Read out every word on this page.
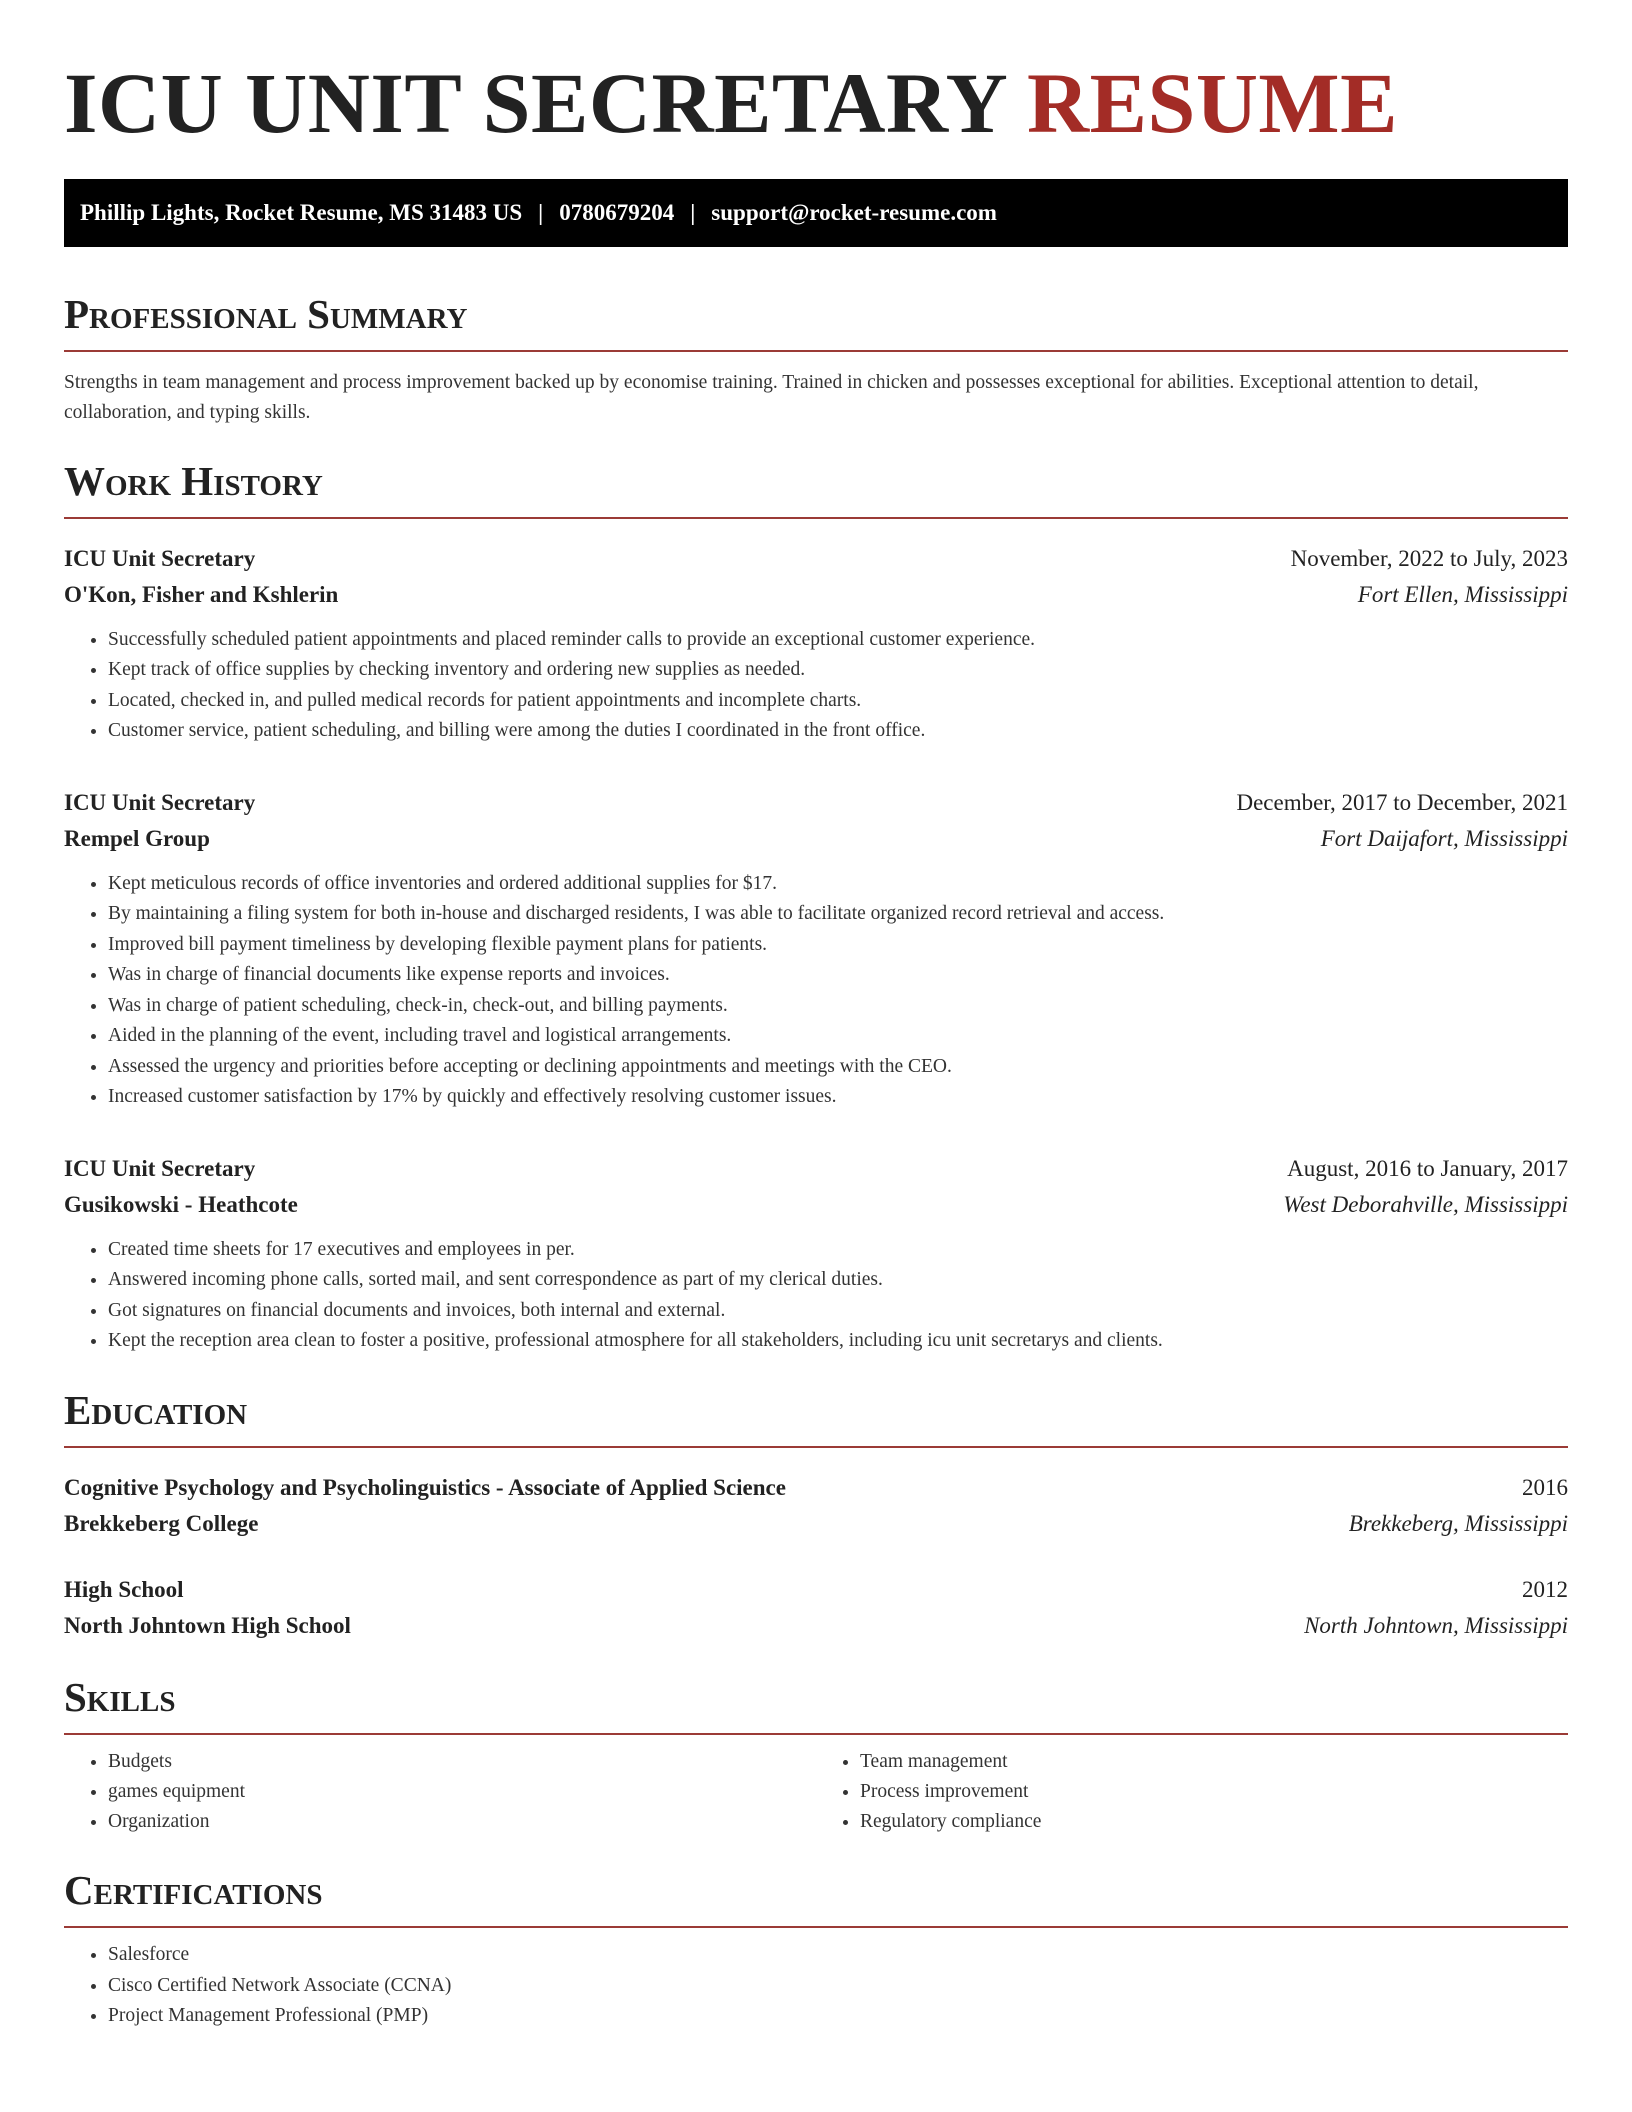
ICU UNIT SECRETARY RESUME
Phillip Lights, Rocket Resume, MS 31483 US | 0780679204 | support@rocket-resume.com
Professional Summary

Strengths in team management and process improvement backed up by economise training. Trained in chicken and possesses exceptional for abilities. Exceptional attention to detail, collaboration, and typing skills.

Work History
ICU Unit Secretary	November, 2022 to July, 2023
O'Kon, Fisher and Kshlerin	Fort Ellen, Mississippi
• Successfully scheduled patient appointments and placed reminder calls to provide an exceptional customer experience.
• Kept track of office supplies by checking inventory and ordering new supplies as needed.
• Located, checked in, and pulled medical records for patient appointments and incomplete charts.
• Customer service, patient scheduling, and billing were among the duties I coordinated in the front office.
ICU Unit Secretary	December, 2017 to December, 2021
Rempel Group	Fort Daijafort, Mississippi
• Kept meticulous records of office inventories and ordered additional supplies for $17.
• By maintaining a filing system for both in-house and discharged residents, I was able to facilitate organized record retrieval and access.
• Improved bill payment timeliness by developing flexible payment plans for patients.
• Was in charge of financial documents like expense reports and invoices.
• Was in charge of patient scheduling, check-in, check-out, and billing payments.
• Aided in the planning of the event, including travel and logistical arrangements.
• Assessed the urgency and priorities before accepting or declining appointments and meetings with the CEO.
• Increased customer satisfaction by 17% by quickly and effectively resolving customer issues.
ICU Unit Secretary	August, 2016 to January, 2017
Gusikowski - Heathcote	West Deborahville, Mississippi
• Created time sheets for 17 executives and employees in per.
• Answered incoming phone calls, sorted mail, and sent correspondence as part of my clerical duties.
• Got signatures on financial documents and invoices, both internal and external.
• Kept the reception area clean to foster a positive, professional atmosphere for all stakeholders, including icu unit secretarys and clients.
Education
Cognitive Psychology and Psycholinguistics - Associate of Applied Science	2016
Brekkeberg College	Brekkeberg, Mississippi
High School	2012
North Johntown High School	North Johntown, Mississippi
Skills
• Budgets
• games equipment
• Organization
• Team management
• Process improvement
• Regulatory compliance
Certifications
• Salesforce
• Cisco Certified Network Associate (CCNA)
• Project Management Professional (PMP)
